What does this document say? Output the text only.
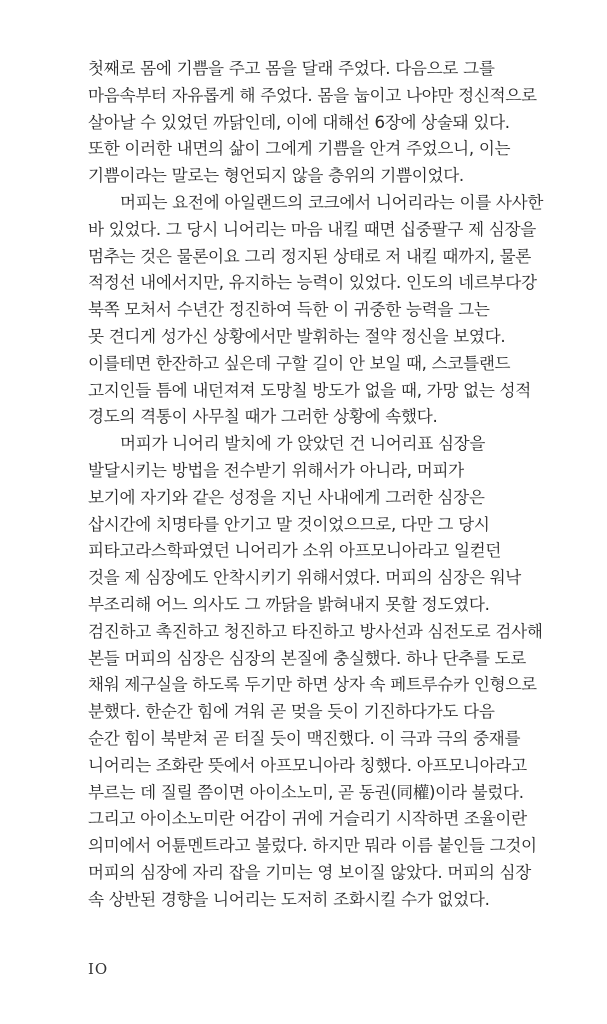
첫째로 몸에 기쁨을 주고 몸을 달래 주었다. 다음으로 그를
마음속부터 자유롭게 해 주었다. 몸을 눕이고 나야만 정신적으로
살아날 수 있었던 까닭인데, 이에 대해선 6장에 상술돼 있다.
또한 이러한 내면의 삶이 그에게 기쁨을 안겨 주었으니, 이는
기쁨이라는 말로는 형언되지 않을 층위의 기쁨이었다.
머피는 요전에 아일랜드의 코크에서 니어리라는 이를 사사한
바 있었다. 그 당시 니어리는 마음 내킬 때면 십중팔구 제 심장을
멈추는 것은 물론이요 그리 정지된 상태로 저 내킬 때까지, 물론
적정선 내에서지만, 유지하는 능력이 있었다. 인도의 네르부다강
북쪽 모처서 수년간 정진하여 득한 이 귀중한 능력을 그는
못 견디게 성가신 상황에서만 발휘하는 절약 정신을 보였다.
이를테면 한잔하고 싶은데 구할 길이 안 보일 때, 스코틀랜드
고지인들 틈에 내던져져 도망칠 방도가 없을 때, 가망 없는 성적
경도의 격통이 사무칠 때가 그러한 상황에 속했다.
머피가 니어리 발치에 가 앉았던 건 니어리표 심장을
발달시키는 방법을 전수받기 위해서가 아니라, 머피가
보기에 자기와 같은 성정을 지닌 사내에게 그러한 심장은
삽시간에 치명타를 안기고 말 것이었으므로, 다만 그 당시
피타고라스학파였던 니어리가 소위 아프모니아라고 일컫던
것을 제 심장에도 안착시키기 위해서였다. 머피의 심장은 워낙
부조리해 어느 의사도 그 까닭을 밝혀내지 못할 정도였다.
검진하고 촉진하고 청진하고 타진하고 방사선과 심전도로 검사해
본들 머피의 심장은 심장의 본질에 충실했다. 하나 단추를 도로
채워 제구실을 하도록 두기만 하면 상자 속 페트루슈카 인형으로
분했다. 한순간 힘에 겨워 곧 멎을 듯이 기진하다가도 다음
순간 힘이 북받쳐 곧 터질 듯이 맥진했다. 이 극과 극의 중재를
니어리는 조화란 뜻에서 아프모니아라 칭했다. 아프모니아라고
부르는 데 질릴 쯤이면 아이소노미, 곧 동권(同權)이라 불렀다.
그리고 아이소노미란 어감이 귀에 거슬리기 시작하면 조율이란
의미에서 어튠멘트라고 불렀다. 하지만 뭐라 이름 붙인들 그것이
머피의 심장에 자리 잡을 기미는 영 보이질 않았다. 머피의 심장
속 상반된 경향을 니어리는 도저히 조화시킬 수가 없었다.
IO
